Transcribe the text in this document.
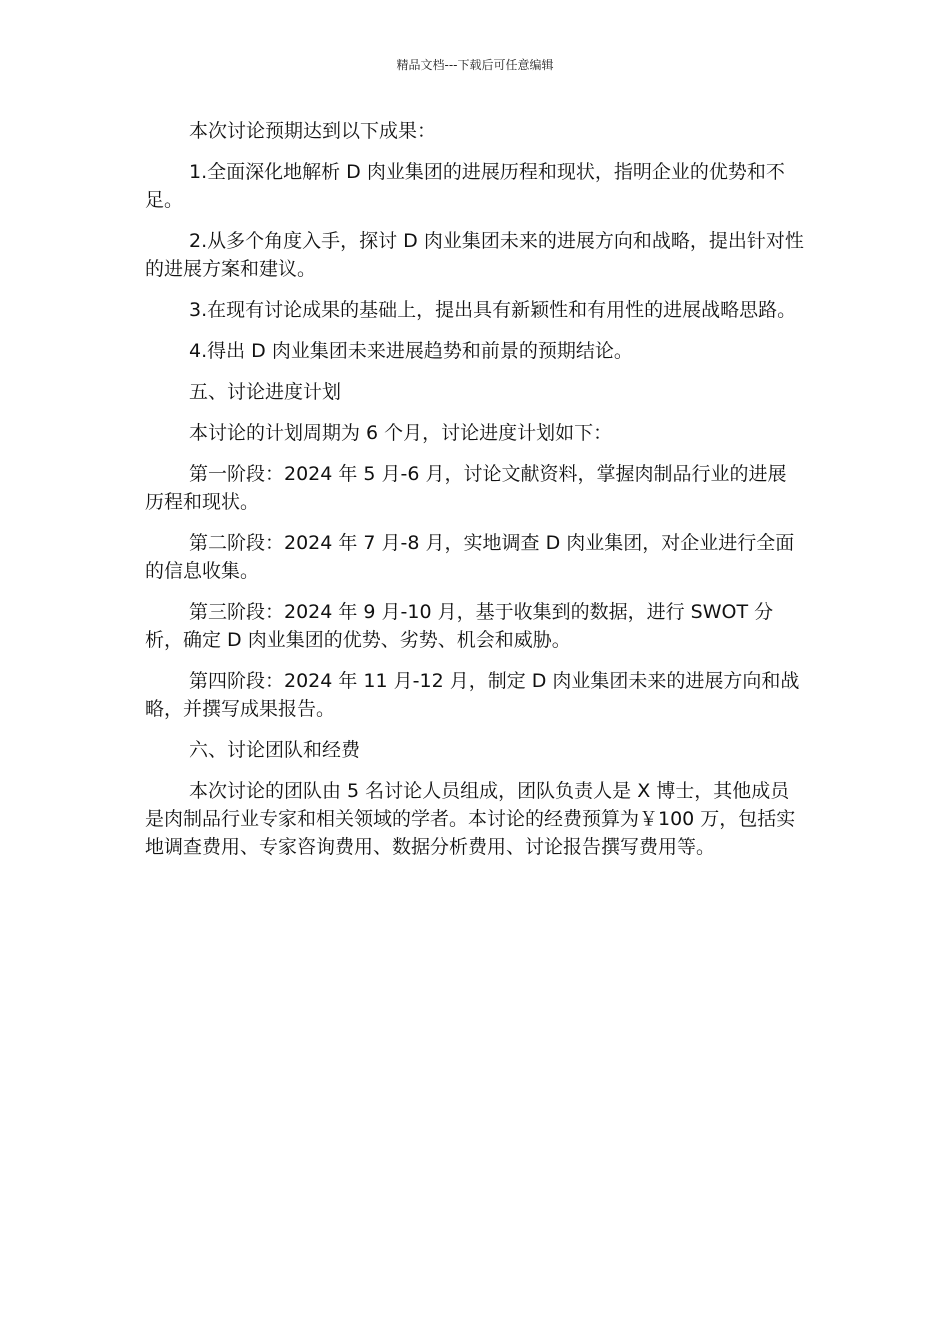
精品文档---下载后可任意编辑

本次讨论预期达到以下成果：

1.全面深化地解析 D 肉业集团的进展历程和现状，指明企业的优势和不足。

2.从多个角度入手，探讨 D 肉业集团未来的进展方向和战略，提出针对性的进展方案和建议。

3.在现有讨论成果的基础上，提出具有新颖性和有用性的进展战略思路。

4.得出 D 肉业集团未来进展趋势和前景的预期结论。

五、讨论进度计划

本讨论的计划周期为 6 个月，讨论进度计划如下：

第一阶段：2024 年 5 月-6 月，讨论文献资料，掌握肉制品行业的进展历程和现状。

第二阶段：2024 年 7 月-8 月，实地调查 D 肉业集团，对企业进行全面的信息收集。

第三阶段：2024 年 9 月-10 月，基于收集到的数据，进行 SWOT 分析，确定 D 肉业集团的优势、劣势、机会和威胁。

第四阶段：2024 年 11 月-12 月，制定 D 肉业集团未来的进展方向和战略，并撰写成果报告。

六、讨论团队和经费

本次讨论的团队由 5 名讨论人员组成，团队负责人是 X 博士，其他成员是肉制品行业专家和相关领域的学者。本讨论的经费预算为￥100 万，包括实地调查费用、专家咨询费用、数据分析费用、讨论报告撰写费用等。
